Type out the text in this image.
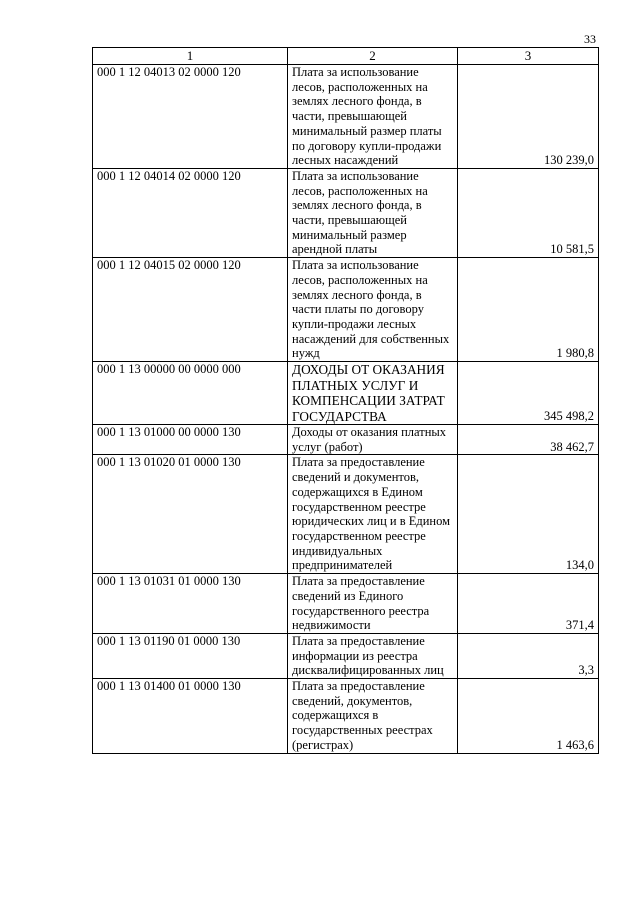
33
1	2	3
000 1 12 04013 02 0000 120	Плата за использование лесов, расположенных на землях лесного фонда, в части, превышающей минимальный размер платы по договору купли-продажи лесных насаждений	130 239,0
000 1 12 04014 02 0000 120	Плата за использование лесов, расположенных на землях лесного фонда, в части, превышающей минимальный размер арендной платы	10 581,5
000 1 12 04015 02 0000 120	Плата за использование лесов, расположенных на землях лесного фонда, в части платы по договору купли-продажи лесных насаждений для собственных нужд	1 980,8
000 1 13 00000 00 0000 000	ДОХОДЫ ОТ ОКАЗАНИЯ ПЛАТНЫХ УСЛУГ И КОМПЕНСАЦИИ ЗАТРАТ ГОСУДАРСТВА	345 498,2
000 1 13 01000 00 0000 130	Доходы от оказания платных услуг (работ)	38 462,7
000 1 13 01020 01 0000 130	Плата за предоставление сведений и документов, содержащихся в Едином государственном реестре юридических лиц и в Едином государственном реестре индивидуальных предпринимателей	134,0
000 1 13 01031 01 0000 130	Плата за предоставление сведений из Единого государственного реестра недвижимости	371,4
000 1 13 01190 01 0000 130	Плата за предоставление информации из реестра дисквалифицированных лиц	3,3
000 1 13 01400 01 0000 130	Плата за предоставление сведений, документов, содержащихся в государственных реестрах (регистрах)	1 463,6
